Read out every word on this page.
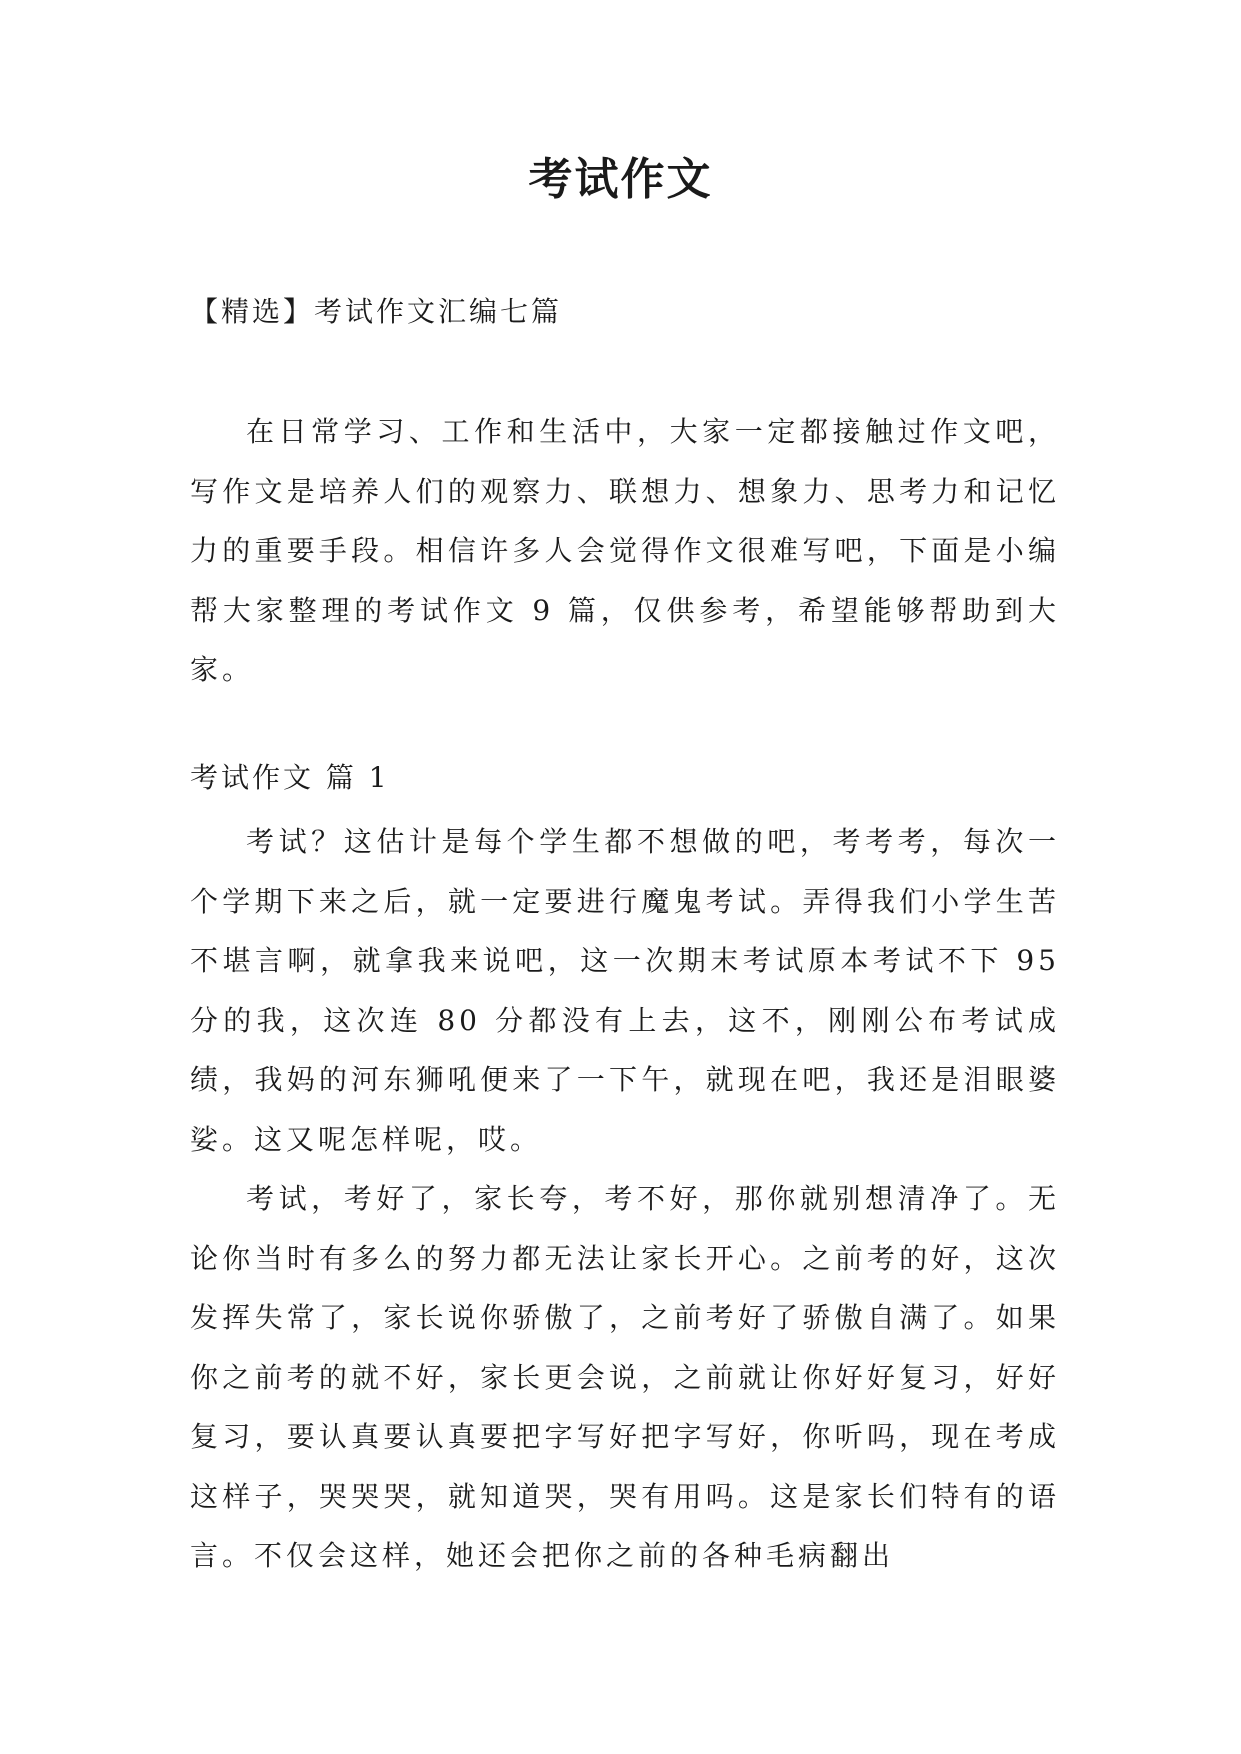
考试作文

【精选】考试作文汇编七篇

在日常学习、工作和生活中，大家一定都接触过作文吧，写作文是培养人们的观察力、联想力、想象力、思考力和记忆力的重要手段。相信许多人会觉得作文很难写吧，下面是小编帮大家整理的考试作文 9 篇，仅供参考，希望能够帮助到大家。

考试作文 篇 1

考试？这估计是每个学生都不想做的吧，考考考，每次一个学期下来之后，就一定要进行魔鬼考试。弄得我们小学生苦不堪言啊，就拿我来说吧，这一次期末考试原本考试不下 95 分的我，这次连 80 分都没有上去，这不，刚刚公布考试成绩，我妈的河东狮吼便来了一下午，就现在吧，我还是泪眼婆娑。这又呢怎样呢，哎。

考试，考好了，家长夸，考不好，那你就别想清净了。无论你当时有多么的努力都无法让家长开心。之前考的好，这次发挥失常了，家长说你骄傲了，之前考好了骄傲自满了。如果你之前考的就不好，家长更会说，之前就让你好好复习，好好复习，要认真要认真要把字写好把字写好，你听吗，现在考成这样子，哭哭哭，就知道哭，哭有用吗。这是家长们特有的语言。不仅会这样，她还会把你之前的各种毛病翻出
